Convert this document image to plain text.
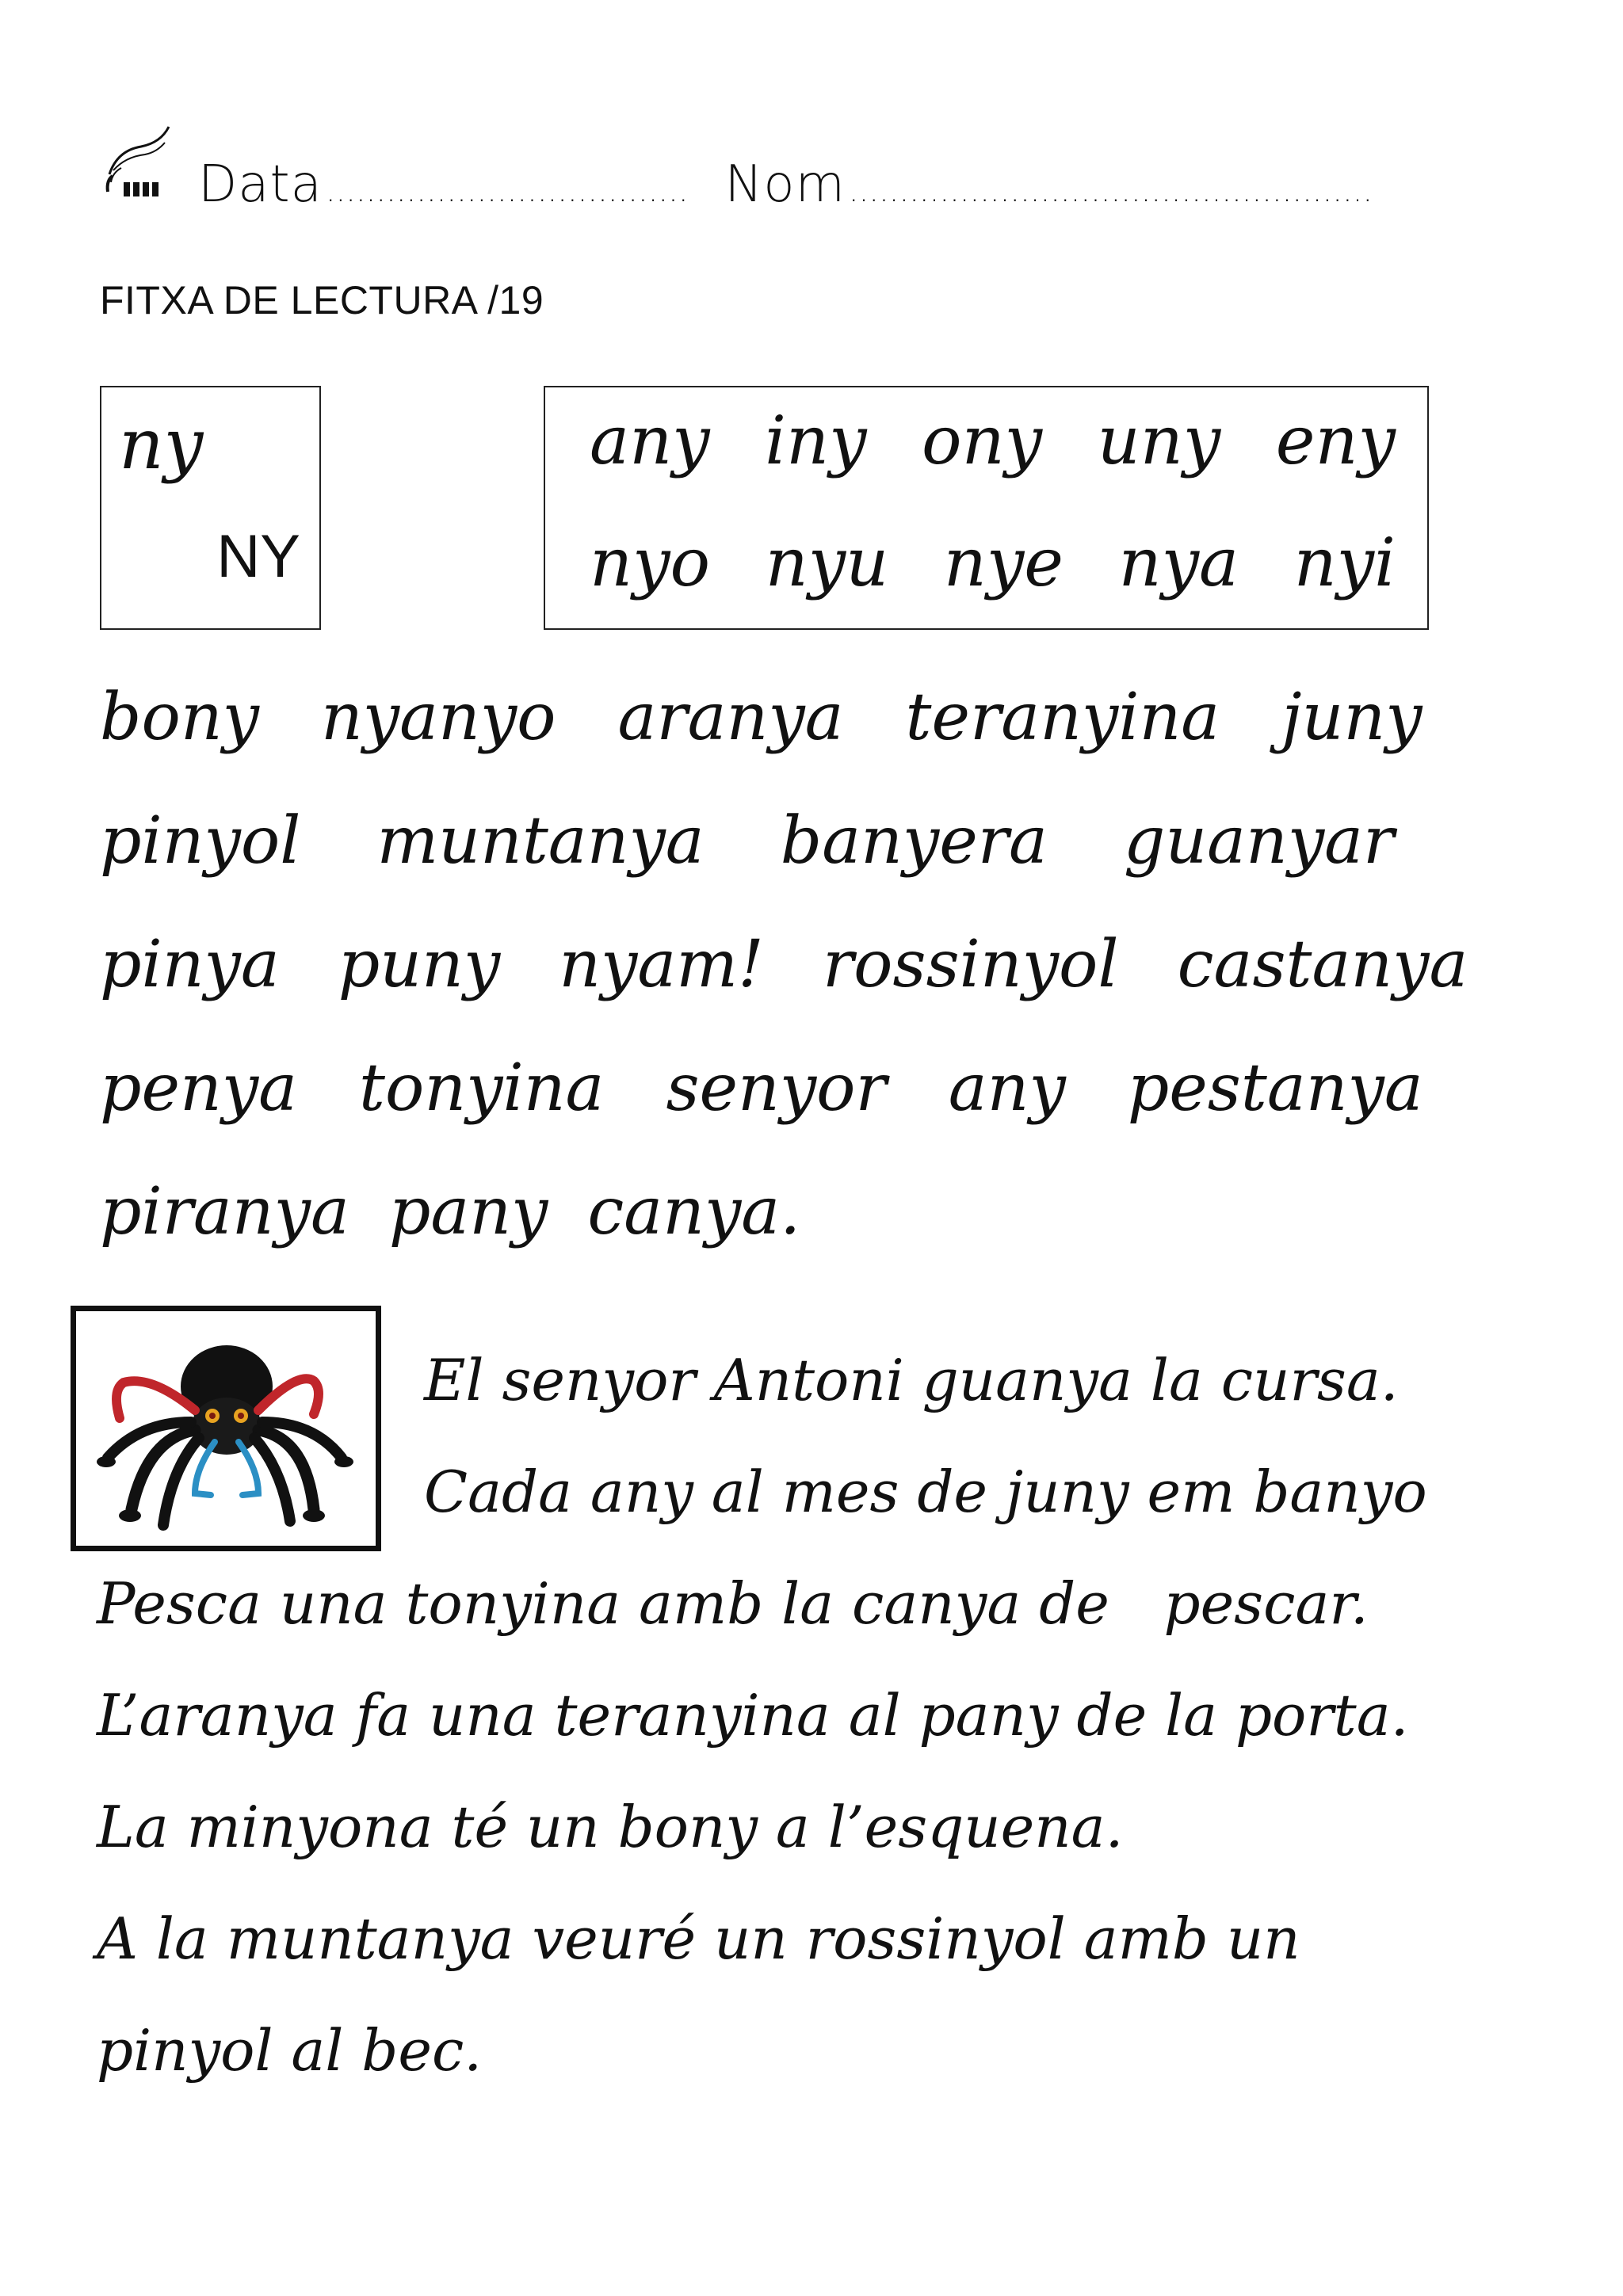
Data .................................... Nom ....................................................
FITXA DE LECTURA /19
ny
NY
any iny ony uny eny
nyo nyu nye nya nyi
bony nyanyo aranya teranyina juny
pinyol muntanya banyera guanyar
pinya puny nyam! rossinyol castanya
penya tonyina senyor any pestanya
piranya pany canya.
El senyor Antoni guanya la cursa.
Cada any al mes de juny em banyo
Pesca una tonyina amb la canya de   pescar.
L’aranya fa una teranyina al pany de la porta.
La minyona té un bony a l’esquena.
A la muntanya veuré un rossinyol amb un
pinyol al bec.
